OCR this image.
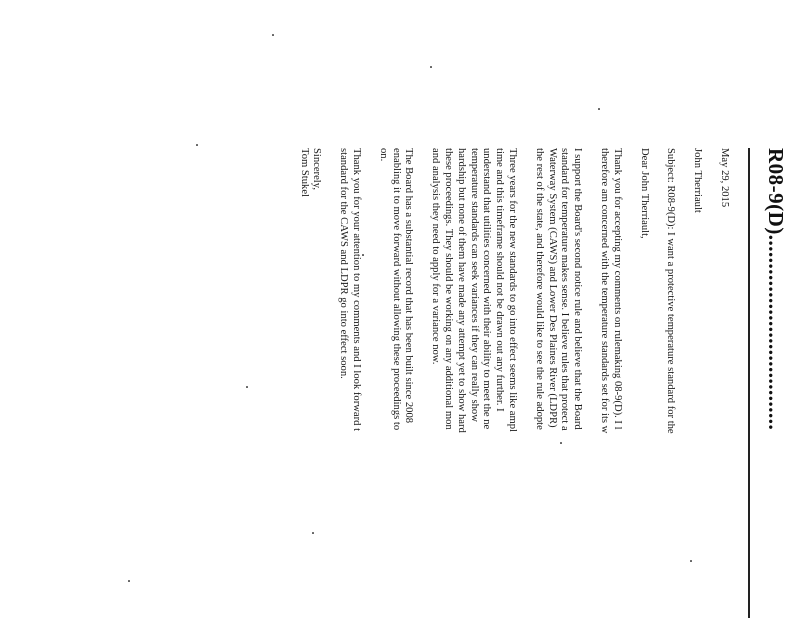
R08-9(D)..................................
May 29, 2015
John Therriault
Subject: R08-9(D): I want a protective temperature standard for the
Dear John Therriault,
Thank you for accepting my comments on rulemaking 08-9(D). I l
therefore am concerned with the temperature standards set for its w
I support the Board's second notice rule and believe that the Board
standard for temperature makes sense. I believe rules that protect a
Waterway System (CAWS) and Lower Des Plaines River (LDPR)
the rest of the state, and therefore would like to see the rule adopte
Three years for the new standards to go into effect seems like ampl
time and this timeframe should not be drawn out any further. I
understand that utilities concerned with their ability to meet the ne
temperature standards can seek variances if they can really show
hardship but none of them have made any attempt yet to show hard
these proceedings. They should be working on any additional mon
and analysis they need to apply for a variance now.
The Board has a substantial record that has been built since 2008
enabling it to move forward without allowing these proceedings to
on.
Thank you for your attention to my comments and I look forward t
standard for the CAWS and LDPR go into effect soon.
Sincerely,
Tom Stukel
